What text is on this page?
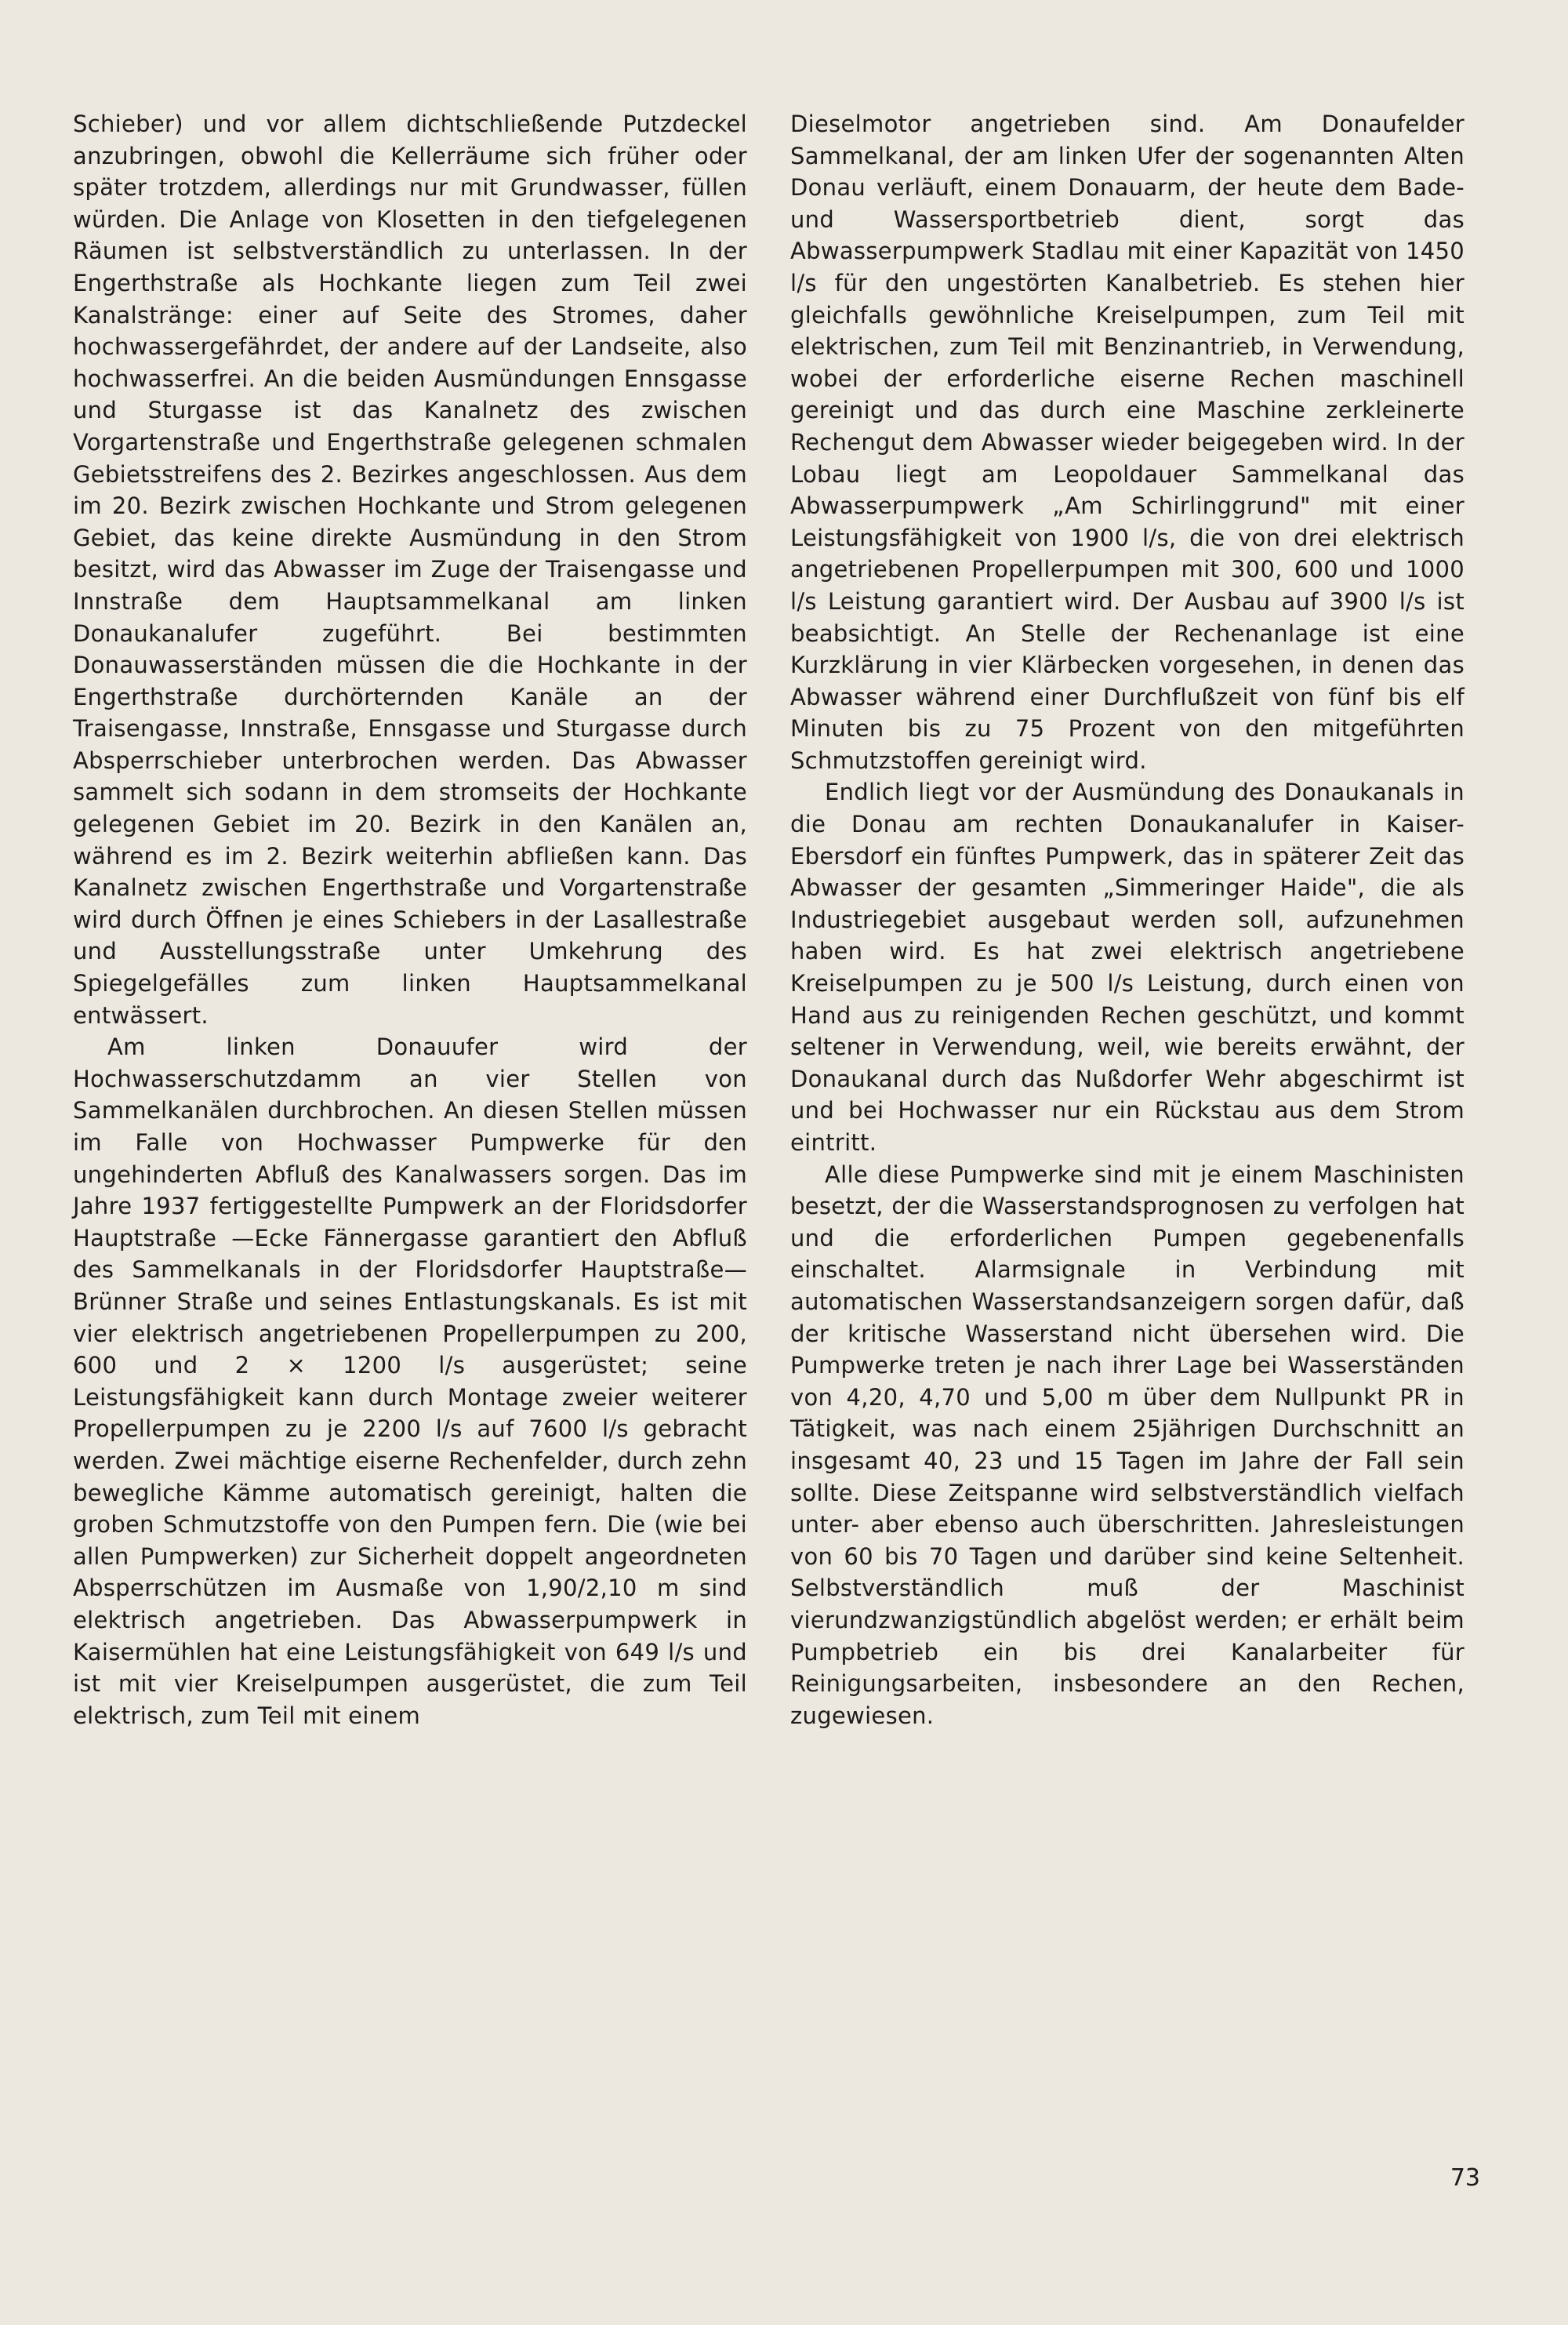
Schieber) und vor allem dichtschließende Putzdeckel anzubringen, obwohl die Kellerräume sich früher oder später trotzdem, allerdings nur mit Grundwasser, füllen würden. Die Anlage von Klosetten in den tiefgelegenen Räumen ist selbstverständlich zu unterlassen. In der Engerthstraße als Hochkante liegen zum Teil zwei Kanalstränge: einer auf Seite des Stromes, daher hochwassergefährdet, der andere auf der Landseite, also hochwasserfrei. An die beiden Ausmündungen Ennsgasse und Sturgasse ist das Kanalnetz des zwischen Vorgartenstraße und Engerthstraße gelegenen schmalen Gebietsstreifens des 2. Bezirkes angeschlossen. Aus dem im 20. Bezirk zwischen Hochkante und Strom gelegenen Gebiet, das keine direkte Ausmündung in den Strom besitzt, wird das Abwasser im Zuge der Traisengasse und Innstraße dem Hauptsammelkanal am linken Donaukanalufer zugeführt. Bei bestimmten Donauwasserständen müssen die die Hochkante in der Engerthstraße durchörternden Kanäle an der Traisengasse, Innstraße, Ennsgasse und Sturgasse durch Absperrschieber unterbrochen werden. Das Abwasser sammelt sich sodann in dem stromseits der Hochkante gelegenen Gebiet im 20. Bezirk in den Kanälen an, während es im 2. Bezirk weiterhin abfließen kann. Das Kanalnetz zwischen Engerthstraße und Vorgartenstraße wird durch Öffnen je eines Schiebers in der Lasallestraße und Ausstellungsstraße unter Umkehrung des Spiegelgefälles zum linken Hauptsammelkanal entwässert.

Am linken Donauufer wird der Hochwasserschutzdamm an vier Stellen von Sammelkanälen durchbrochen. An diesen Stellen müssen im Falle von Hochwasser Pumpwerke für den ungehinderten Abfluß des Kanalwassers sorgen. Das im Jahre 1937 fertiggestellte Pumpwerk an der Floridsdorfer Hauptstraße —Ecke Fännergasse garantiert den Abfluß des Sammelkanals in der Floridsdorfer Hauptstraße—Brünner Straße und seines Entlastungskanals. Es ist mit vier elektrisch angetriebenen Propellerpumpen zu 200, 600 und 2 × 1200 l/s ausgerüstet; seine Leistungsfähigkeit kann durch Montage zweier weiterer Propellerpumpen zu je 2200 l/s auf 7600 l/s gebracht werden. Zwei mächtige eiserne Rechenfelder, durch zehn bewegliche Kämme automatisch gereinigt, halten die groben Schmutzstoffe von den Pumpen fern. Die (wie bei allen Pumpwerken) zur Sicherheit doppelt angeordneten Absperrschützen im Ausmaße von 1,90/2,10 m sind elektrisch angetrieben. Das Abwasserpumpwerk in Kaisermühlen hat eine Leistungsfähigkeit von 649 l/s und ist mit vier Kreiselpumpen ausgerüstet, die zum Teil elektrisch, zum Teil mit einem

Dieselmotor angetrieben sind. Am Donaufelder Sammelkanal, der am linken Ufer der sogenannten Alten Donau verläuft, einem Donauarm, der heute dem Bade- und Wassersportbetrieb dient, sorgt das Abwasserpumpwerk Stadlau mit einer Kapazität von 1450 l/s für den ungestörten Kanalbetrieb. Es stehen hier gleichfalls gewöhnliche Kreiselpumpen, zum Teil mit elektrischen, zum Teil mit Benzinantrieb, in Verwendung, wobei der erforderliche eiserne Rechen maschinell gereinigt und das durch eine Maschine zerkleinerte Rechengut dem Abwasser wieder beigegeben wird. In der Lobau liegt am Leopoldauer Sammelkanal das Abwasserpumpwerk „Am Schirlinggrund" mit einer Leistungsfähigkeit von 1900 l/s, die von drei elektrisch angetriebenen Propellerpumpen mit 300, 600 und 1000 l/s Leistung garantiert wird. Der Ausbau auf 3900 l/s ist beabsichtigt. An Stelle der Rechenanlage ist eine Kurzklärung in vier Klärbecken vorgesehen, in denen das Abwasser während einer Durchflußzeit von fünf bis elf Minuten bis zu 75 Prozent von den mitgeführten Schmutzstoffen gereinigt wird.

Endlich liegt vor der Ausmündung des Donaukanals in die Donau am rechten Donaukanalufer in Kaiser-Ebersdorf ein fünftes Pumpwerk, das in späterer Zeit das Abwasser der gesamten „Simmeringer Haide", die als Industriegebiet ausgebaut werden soll, aufzunehmen haben wird. Es hat zwei elektrisch angetriebene Kreiselpumpen zu je 500 l/s Leistung, durch einen von Hand aus zu reinigenden Rechen geschützt, und kommt seltener in Verwendung, weil, wie bereits erwähnt, der Donaukanal durch das Nußdorfer Wehr abgeschirmt ist und bei Hochwasser nur ein Rückstau aus dem Strom eintritt.

Alle diese Pumpwerke sind mit je einem Maschinisten besetzt, der die Wasserstandsprognosen zu verfolgen hat und die erforderlichen Pumpen gegebenenfalls einschaltet. Alarmsignale in Verbindung mit automatischen Wasserstandsanzeigern sorgen dafür, daß der kritische Wasserstand nicht übersehen wird. Die Pumpwerke treten je nach ihrer Lage bei Wasserständen von 4,20, 4,70 und 5,00 m über dem Nullpunkt PR in Tätigkeit, was nach einem 25jährigen Durchschnitt an insgesamt 40, 23 und 15 Tagen im Jahre der Fall sein sollte. Diese Zeitspanne wird selbstverständlich vielfach unter- aber ebenso auch überschritten. Jahresleistungen von 60 bis 70 Tagen und darüber sind keine Seltenheit. Selbstverständlich muß der Maschinist vierundzwanzigstündlich abgelöst werden; er erhält beim Pumpbetrieb ein bis drei Kanalarbeiter für Reinigungsarbeiten, insbesondere an den Rechen, zugewiesen.

73
